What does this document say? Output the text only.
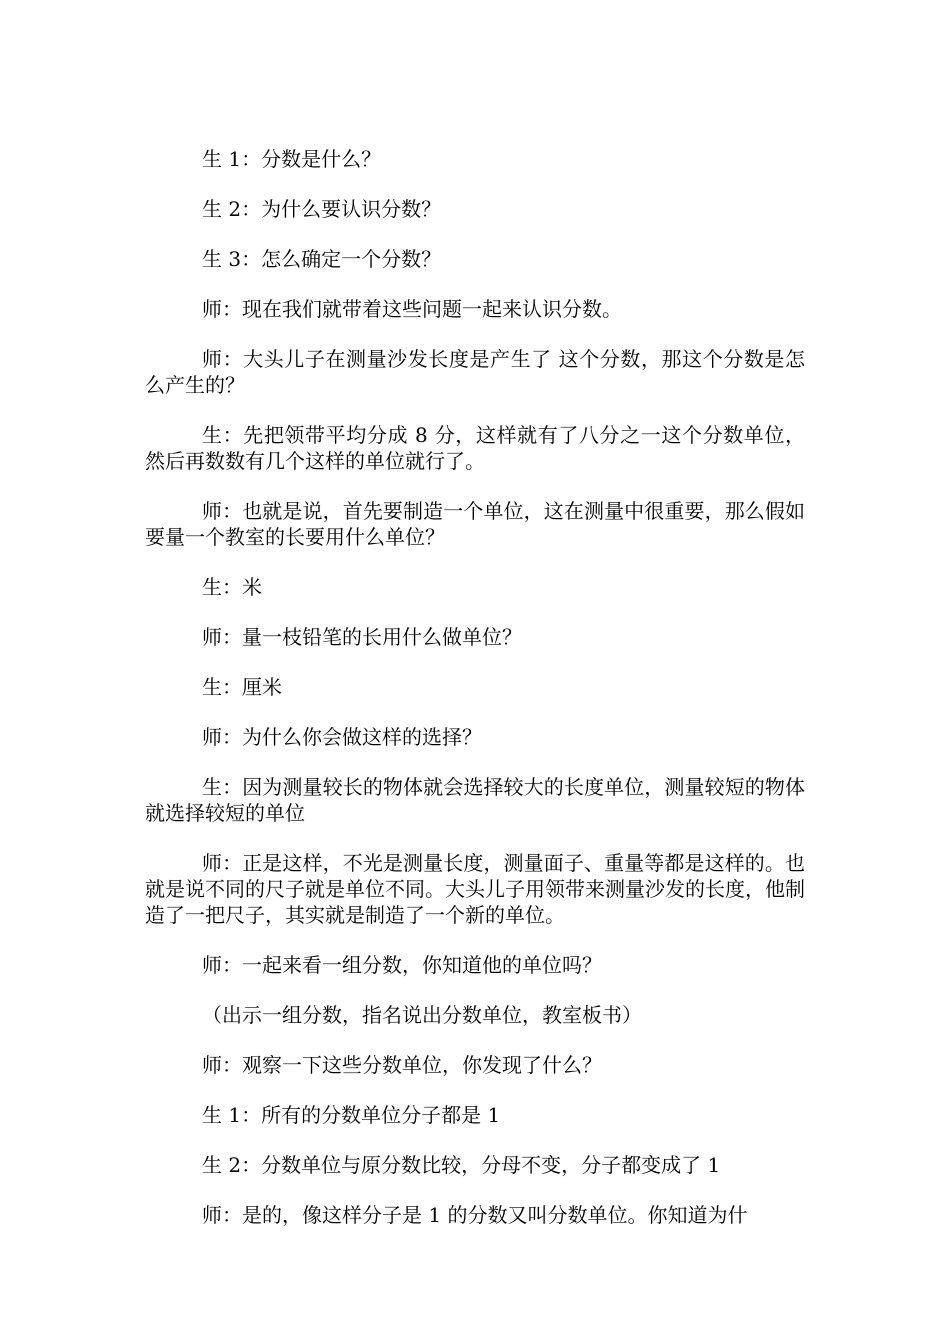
生 1：分数是什么？

生 2：为什么要认识分数？

生 3：怎么确定一个分数？

师：现在我们就带着这些问题一起来认识分数。

师：大头儿子在测量沙发长度是产生了 这个分数，那这个分数是怎么产生的？

生：先把领带平均分成 8 分，这样就有了八分之一这个分数单位，然后再数数有几个这样的单位就行了。

师：也就是说，首先要制造一个单位，这在测量中很重要，那么假如要量一个教室的长要用什么单位？

生：米

师：量一枝铅笔的长用什么做单位？

生：厘米

师：为什么你会做这样的选择？

生：因为测量较长的物体就会选择较大的长度单位，测量较短的物体就选择较短的单位

师：正是这样，不光是测量长度，测量面子、重量等都是这样的。也就是说不同的尺子就是单位不同。大头儿子用领带来测量沙发的长度，他制造了一把尺子，其实就是制造了一个新的单位。

师：一起来看一组分数，你知道他的单位吗？

（出示一组分数，指名说出分数单位，教室板书）

师：观察一下这些分数单位，你发现了什么？

生 1：所有的分数单位分子都是 1

生 2：分数单位与原分数比较，分母不变，分子都变成了 1

师：是的，像这样分子是 1 的分数又叫分数单位。你知道为什
